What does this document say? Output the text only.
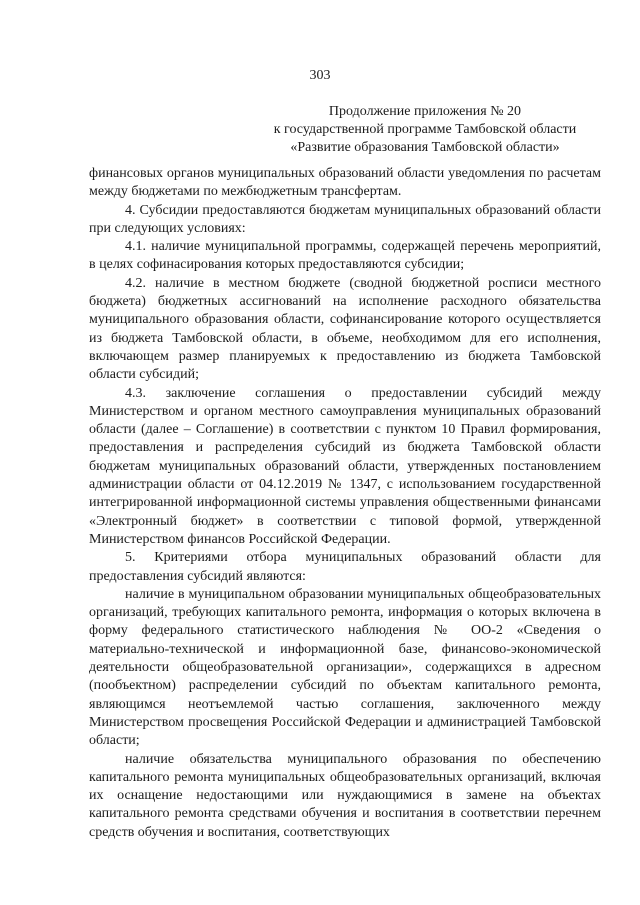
303
Продолжение приложения № 20
к государственной программе Тамбовской области
«Развитие образования Тамбовской области»

финансовых органов муниципальных образований области уведомления по расчетам между бюджетами по межбюджетным трансфертам.

4. Субсидии предоставляются бюджетам муниципальных образований области при следующих условиях:

4.1. наличие муниципальной программы, содержащей перечень мероприятий, в целях софинасирования которых предоставляются субсидии;

4.2. наличие в местном бюджете (сводной бюджетной росписи местного бюджета) бюджетных ассигнований на исполнение расходного обязательства муниципального образования области, софинансирование которого осуществляется из бюджета Тамбовской области, в объеме, необходимом для его исполнения, включающем размер планируемых к предоставлению из бюджета Тамбовской области субсидий;

4.3. заключение соглашения о предоставлении субсидий между Министерством и органом местного самоуправления муниципальных образований области (далее – Соглашение) в соответствии с пунктом 10 Правил формирования, предоставления и распределения субсидий из бюджета Тамбовской области бюджетам муниципальных образований области, утвержденных постановлением администрации области от 04.12.2019 № 1347, с использованием государственной интегрированной информационной системы управления общественными финансами «Электронный бюджет» в соответствии с типовой формой, утвержденной Министерством финансов Российской Федерации.

5. Критериями отбора муниципальных образований области для предоставления субсидий являются:

наличие в муниципальном образовании муниципальных общеобразовательных организаций, требующих капитального ремонта, информация о которых включена в форму федерального статистического наблюдения № ОО-2 «Сведения о материально-технической и информационной базе, финансово-экономической деятельности общеобразовательной организации», содержащихся в адресном (пообъектном) распределении субсидий по объектам капитального ремонта, являющимся неотъемлемой частью соглашения, заключенного между Министерством просвещения Российской Федерации и администрацией Тамбовской области;

наличие обязательства муниципального образования по обеспечению капитального ремонта муниципальных общеобразовательных организаций, включая их оснащение недостающими или нуждающимися в замене на объектах капитального ремонта средствами обучения и воспитания в соответствии перечнем средств обучения и воспитания, соответствующих
